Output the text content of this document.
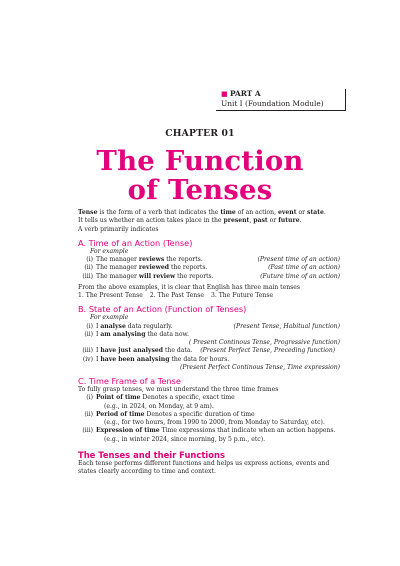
■ PART A
Unit I (Foundation Module)
CHAPTER 01
The Function
of Tenses

Tense is the form of a verb that indicates the time of an action, event or state.

It tells us whether an action takes place in the present, past or future.

A verb primarily indicates

A. Time of an Action (Tense)

For example

(i) The manager reviews the reports.	(Present time of an action)
(ii) The manager reviewed the reports.	(Past time of an action)
(iii) The manager will review the reports.	(Future time of an action)

From the above examples, it is clear that English has three main tenses

1. The Present Tense 2. The Past Tense 3. The Future Tense

B. State of an Action (Function of Tenses)

For example

(i) I analyse data regularly.	(Present Tense, Habitual function)
(ii) I am analysing the data now.

( Present Continous Tense, Progressive function)

(iii) I have just analysed the data. (Present Perfect Tense, Preceding function)
(iv) I have been analysing the data for hours.

(Present Perfect Continous Tense, Time expression)

C. Time Frame of a Tense

To fully grasp tenses, we must understand the three time frames

(i) Point of time Denotes a specific, exact time

(e.g., in 2024, on Monday, at 9 am).

(ii) Period of time Denotes a specific duration of time

(e.g., for two hours, from 1990 to 2000, from Monday to Saturday, etc).

(iii) Expression of time Time expressions that indicate when an action happens.

(e.g., in winter 2024, since morning, by 5 p.m., etc).

The Tenses and their Functions

Each tense performs different functions and helps us express actions, events and

states clearly according to time and context.
